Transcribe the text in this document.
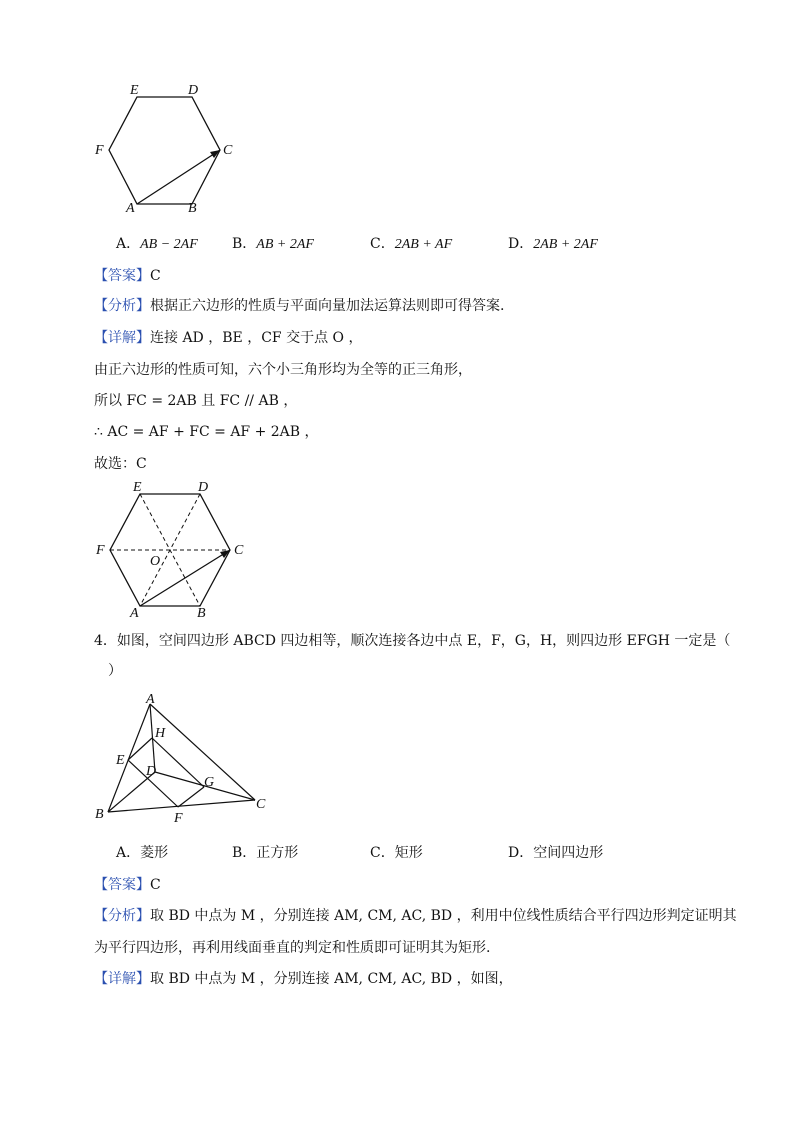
E	D
F	C
A	B
A．AB − 2AF B．AB + 2AF	C．2AB + AF	D．2AB + 2AF
【答案】C
【分析】根据正六边形的性质与平面向量加法运算法则即可得答案.
【详解】连接 AD ，BE ，CF 交于点 O ，
由正六边形的性质可知，六个小三角形均为全等的正三角形，
所以 FC = 2AB 且 FC // AB ，
∴ AC = AF + FC = AF + 2AB ，
故选：C
E	D
F	C
O
A	B
4．如图，空间四边形 ABCD 四边相等，顺次连接各边中点 E，F，G，H，则四边形 EFGH 一定是（
）
A
H
E
D
G
B	F
C
A．菱形	B．正方形	C．矩形	D．空间四边形
【答案】C
【分析】取 BD 中点为 M ，分别连接 AM, CM, AC, BD ，利用中位线性质结合平行四边形判定证明其
为平行四边形，再利用线面垂直的判定和性质即可证明其为矩形.
【详解】取 BD 中点为 M ，分别连接 AM, CM, AC, BD ，如图，
